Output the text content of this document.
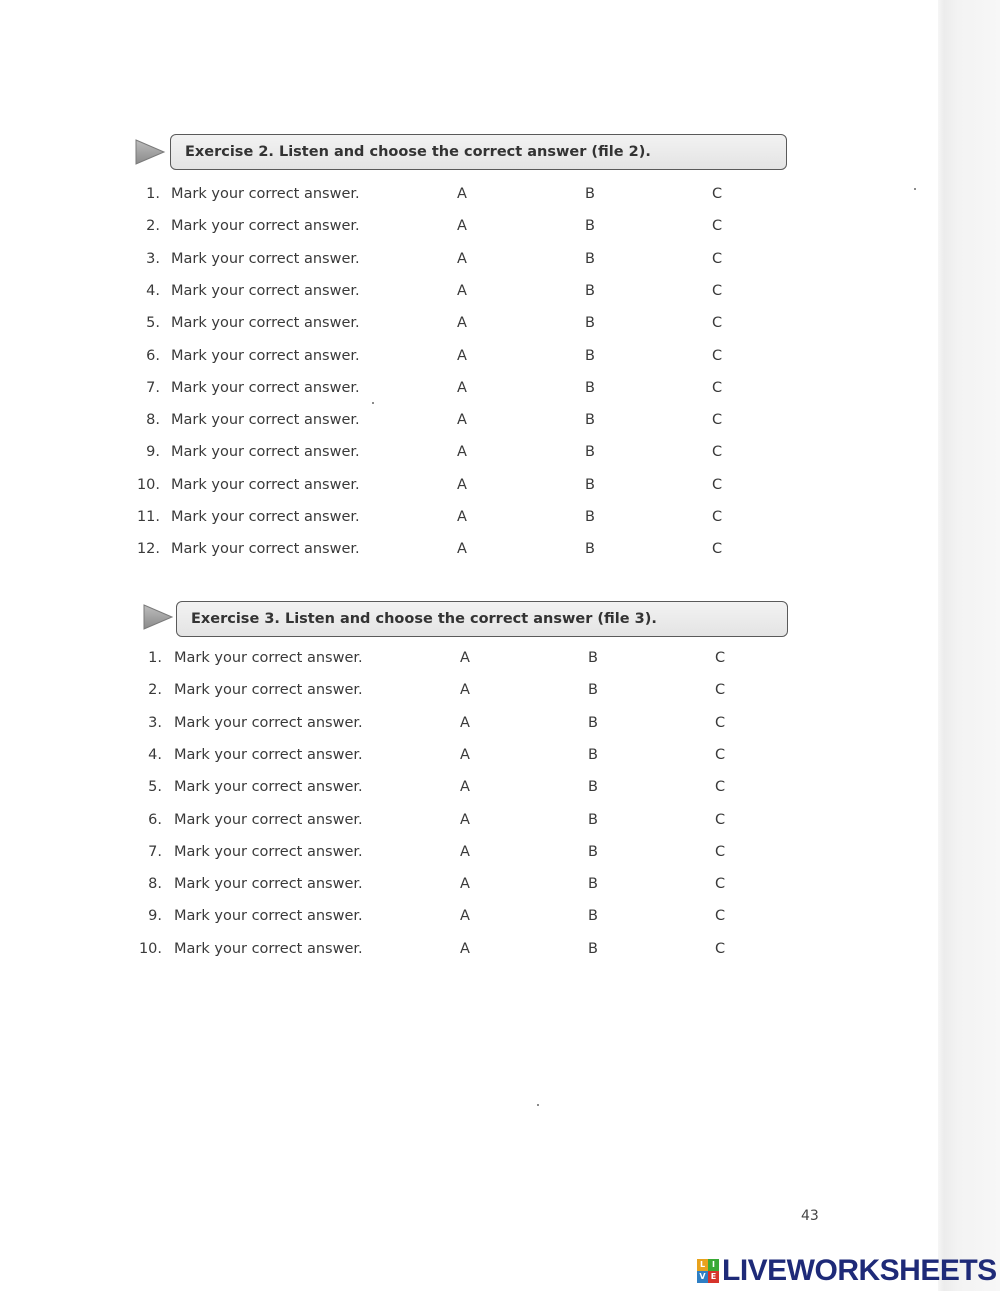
Exercise 2. Listen and choose the correct answer (file 2).
1. Mark your correct answer.	A	B	C
2. Mark your correct answer.	A	B	C
3. Mark your correct answer.	A	B	C
4. Mark your correct answer.	A	B	C
5. Mark your correct answer.	A	B	C
6. Mark your correct answer.	A	B	C
7. Mark your correct answer.	A	B	C
8. Mark your correct answer.	A	B	C
9. Mark your correct answer.	A	B	C
10. Mark your correct answer.	A	B	C
11. Mark your correct answer.	A	B	C
12. Mark your correct answer.	A	B	C
Exercise 3. Listen and choose the correct answer (file 3).
1. Mark your correct answer.	A	B	C
2. Mark your correct answer.	A	B	C
3. Mark your correct answer.	A	B	C
4. Mark your correct answer.	A	B	C
5. Mark your correct answer.	A	B	C
6. Mark your correct answer.	A	B	C
7. Mark your correct answer.	A	B	C
8. Mark your correct answer.	A	B	C
9. Mark your correct answer.	A	B	C
10. Mark your correct answer.	A	B	C
43
L I
V E LIVEWORKSHEETS
